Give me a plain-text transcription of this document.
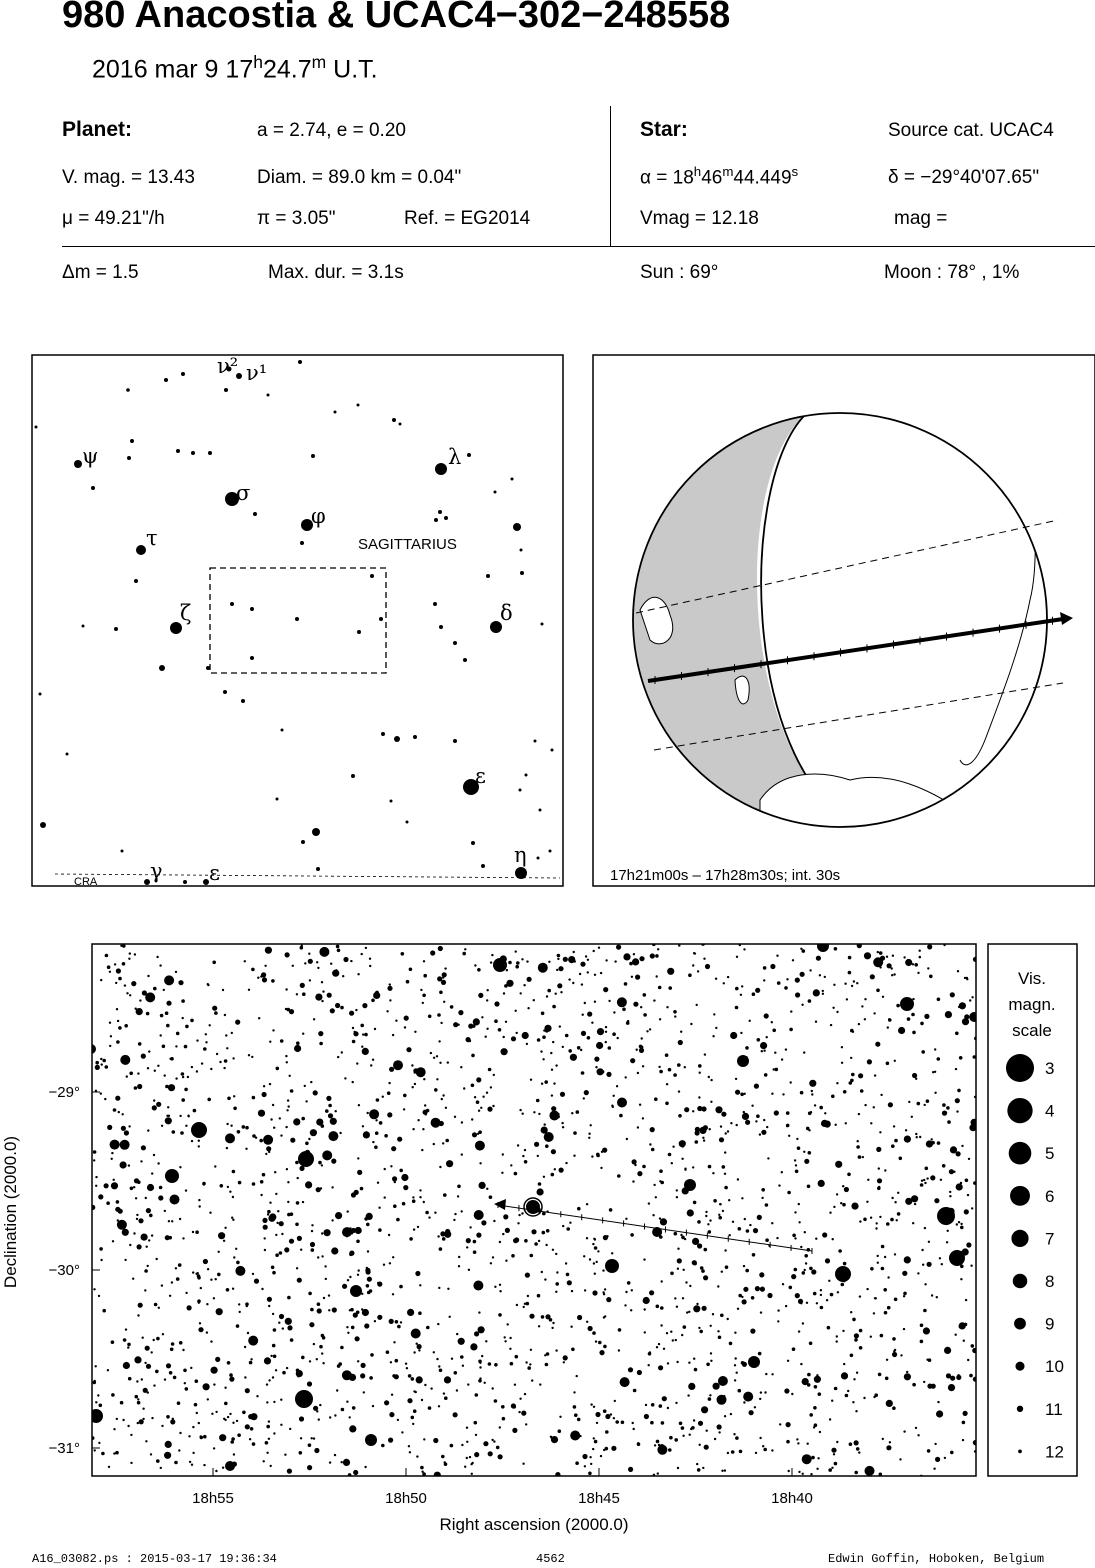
980 Anacostia & UCAC4−302−248558
2016 mar 9 17$^h$24.7$^m$ U.T.
Planet:	a = 2.74, e = 0.20
V. mag. = 13.43	Diam. = 89.0 km = 0.04"
μ = 49.21"/h	π = 3.05"	Ref. = EG2014
Star:	Source cat. UCAC4
$\alpha = 18^h46^m44.449^s$	δ = −29°40'07.65"
Vmag = 12.18	mag =
Δm = 1.5	Max. dur. = 3.1s	Sun : 69°	Moon : 78° , 1%
SAGITTARIUS
CRA
ν² ν¹
ψ	λ
σ
φ
τ
ζ	δ
ε
η
γ ε	17h21m00s – 17h28m30s; int. 30s
−29°
−30°
−31°
18h55	18h50	18h45	18h40
Right ascension (2000.0)
Declination (2000.0)
Vis.
magn.
scale
3
4
5
6
7
8
9
10
11
12
A16_03082.ps : 2015-03-17 19:36:34	4562	Edwin Goffin, Hoboken, Belgium
